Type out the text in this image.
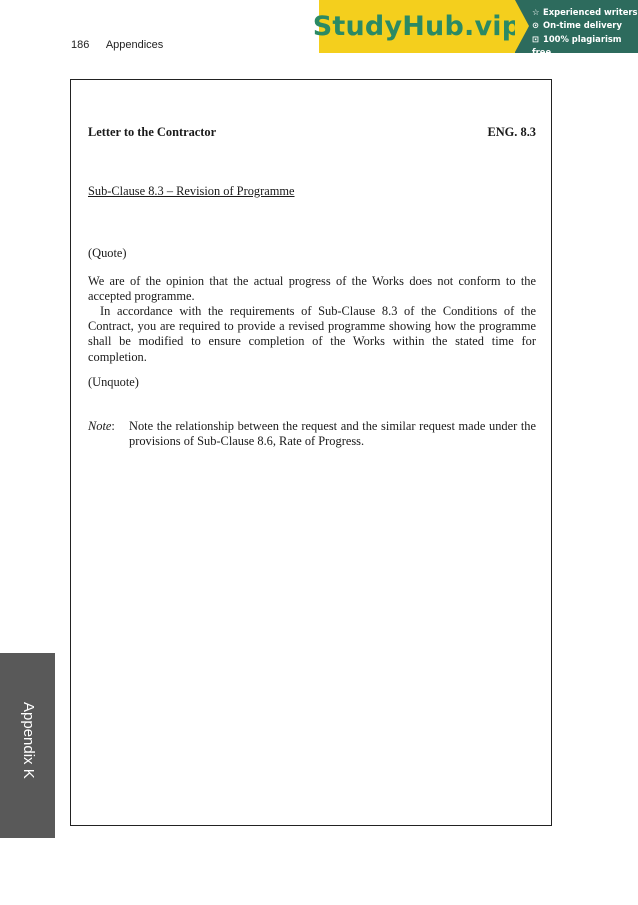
186 Appendices
StudyHub.vip ☆ Experienced writers
⊙ On-time delivery
⊡ 100% plagiarism free
Letter to the Contractor	ENG. 8.3
Sub-Clause 8.3 – Revision of Programme
(Quote)
We are of the opinion that the actual progress of the Works does not conform to the accepted programme.
In accordance with the requirements of Sub-Clause 8.3 of the Conditions of the Contract, you are required to provide a revised programme showing how the programme shall be modified to ensure completion of the Works within the stated time for completion.
(Unquote)
Note:	Note the relationship between the request and the similar request made under the provisions of Sub-Clause 8.6, Rate of Progress.
Appendix K
